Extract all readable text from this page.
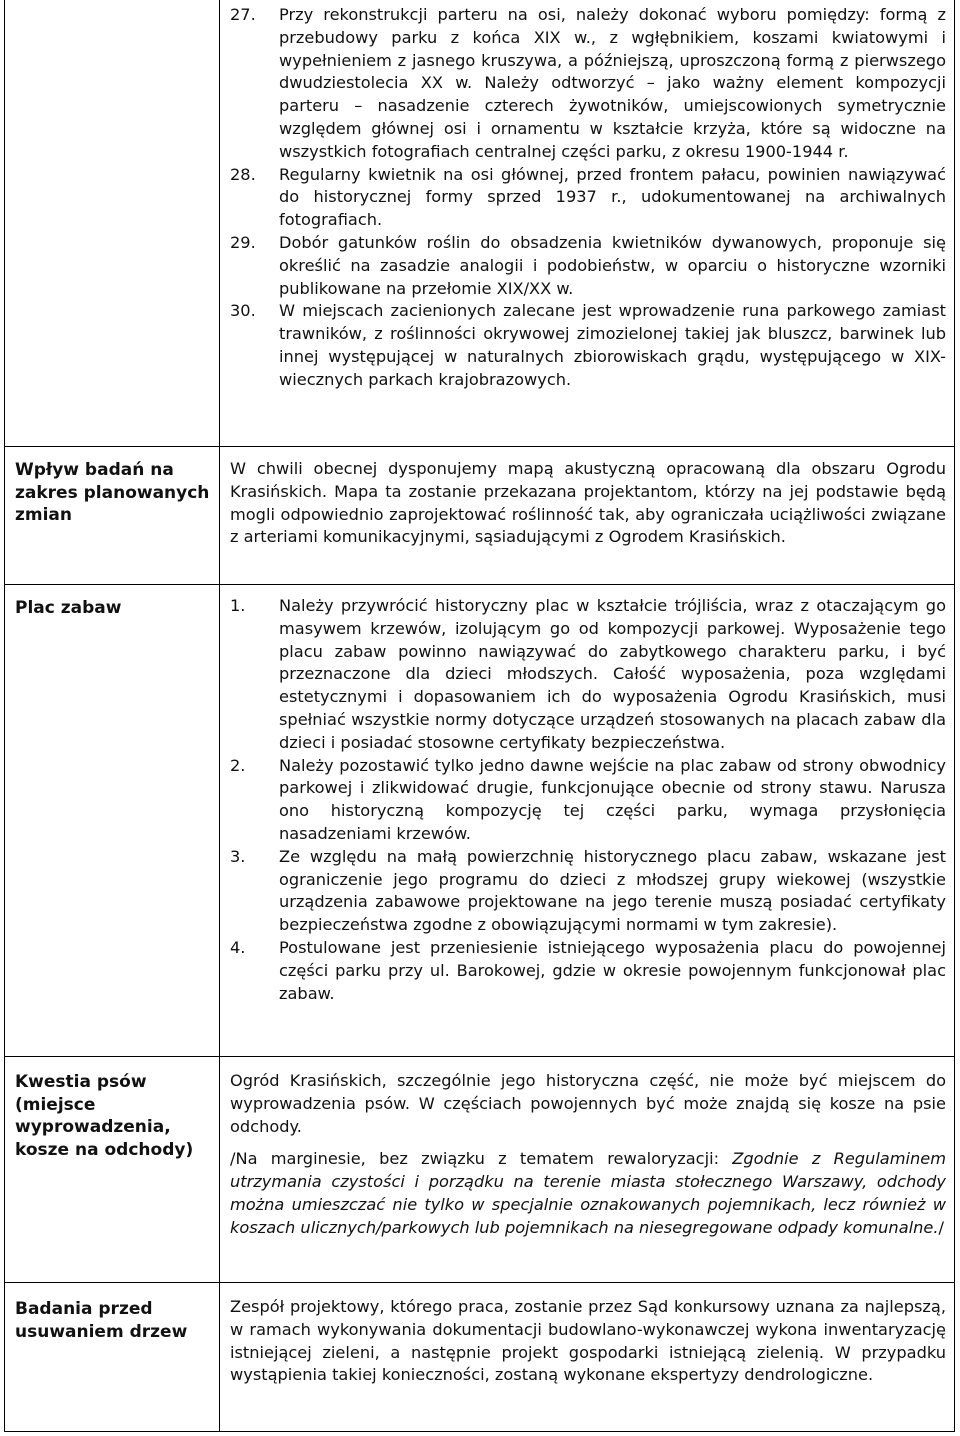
27. Przy rekonstrukcji parteru na osi, należy dokonać wyboru pomiędzy: formą z przebudowy parku z końca XIX w., z wgłębnikiem, koszami kwiatowymi i wypełnieniem z jasnego kruszywa, a późniejszą, uproszczoną formą z pierwszego dwudziestolecia XX w. Należy odtworzyć – jako ważny element kompozycji parteru – nasadzenie czterech żywotników, umiejscowionych symetrycznie względem głównej osi i ornamentu w kształcie krzyża, które są widoczne na wszystkich fotografiach centralnej części parku, z okresu 1900-1944 r.
28. Regularny kwietnik na osi głównej, przed frontem pałacu, powinien nawiązywać do historycznej formy sprzed 1937 r., udokumentowanej na archiwalnych fotografiach.
29. Dobór gatunków roślin do obsadzenia kwietników dywanowych, proponuje się określić na zasadzie analogii i podobieństw, w oparciu o historyczne wzorniki publikowane na przełomie XIX/XX w.
30. W miejscach zacienionych zalecane jest wprowadzenie runa parkowego zamiast trawników, z roślinności okrywowej zimozielonej takiej jak bluszcz, barwinek lub innej występującej w naturalnych zbiorowiskach grądu, występującego w XIX-wiecznych parkach krajobrazowych.
Wpływ badań na zakres planowanych zmian

W chwili obecnej dysponujemy mapą akustyczną opracowaną dla obszaru Ogrodu Krasińskich. Mapa ta zostanie przekazana projektantom, którzy na jej podstawie będą mogli odpowiednio zaprojektować roślinność tak, aby ograniczała uciążliwości związane z arteriami komunikacyjnymi, sąsiadującymi z Ogrodem Krasińskich.

Plac zabaw	1. Należy przywrócić historyczny plac w kształcie trójliścia, wraz z otaczającym go masywem krzewów, izolującym go od kompozycji parkowej. Wyposażenie tego placu zabaw powinno nawiązywać do zabytkowego charakteru parku, i być przeznaczone dla dzieci młodszych. Całość wyposażenia, poza względami estetycznymi i dopasowaniem ich do wyposażenia Ogrodu Krasińskich, musi spełniać wszystkie normy dotyczące urządzeń stosowanych na placach zabaw dla dzieci i posiadać stosowne certyfikaty bezpieczeństwa.
2. Należy pozostawić tylko jedno dawne wejście na plac zabaw od strony obwodnicy parkowej i zlikwidować drugie, funkcjonujące obecnie od strony stawu. Narusza ono historyczną kompozycję tej części parku, wymaga przysłonięcia nasadzeniami krzewów.
3. Ze względu na małą powierzchnię historycznego placu zabaw, wskazane jest ograniczenie jego programu do dzieci z młodszej grupy wiekowej (wszystkie urządzenia zabawowe projektowane na jego terenie muszą posiadać certyfikaty bezpieczeństwa zgodne z obowiązującymi normami w tym zakresie).
4. Postulowane jest przeniesienie istniejącego wyposażenia placu do powojennej części parku przy ul. Barokowej, gdzie w okresie powojennym funkcjonował plac zabaw.
Kwestia psów (miejsce wyprowadzenia, kosze na odchody)

Ogród Krasińskich, szczególnie jego historyczna część, nie może być miejscem do wyprowadzenia psów. W częściach powojennych być może znajdą się kosze na psie odchody.

/Na marginesie, bez związku z tematem rewaloryzacji: Zgodnie z Regulaminem utrzymania czystości i porządku na terenie miasta stołecznego Warszawy, odchody można umieszczać nie tylko w specjalnie oznakowanych pojemnikach, lecz również w koszach ulicznych/parkowych lub pojemnikach na niesegregowane odpady komunalne./

Badania przed usuwaniem drzew

Zespół projektowy, którego praca, zostanie przez Sąd konkursowy uznana za najlepszą, w ramach wykonywania dokumentacji budowlano-wykonawczej wykona inwentaryzację istniejącej zieleni, a następnie projekt gospodarki istniejącą zielenią. W przypadku wystąpienia takiej konieczności, zostaną wykonane ekspertyzy dendrologiczne.
